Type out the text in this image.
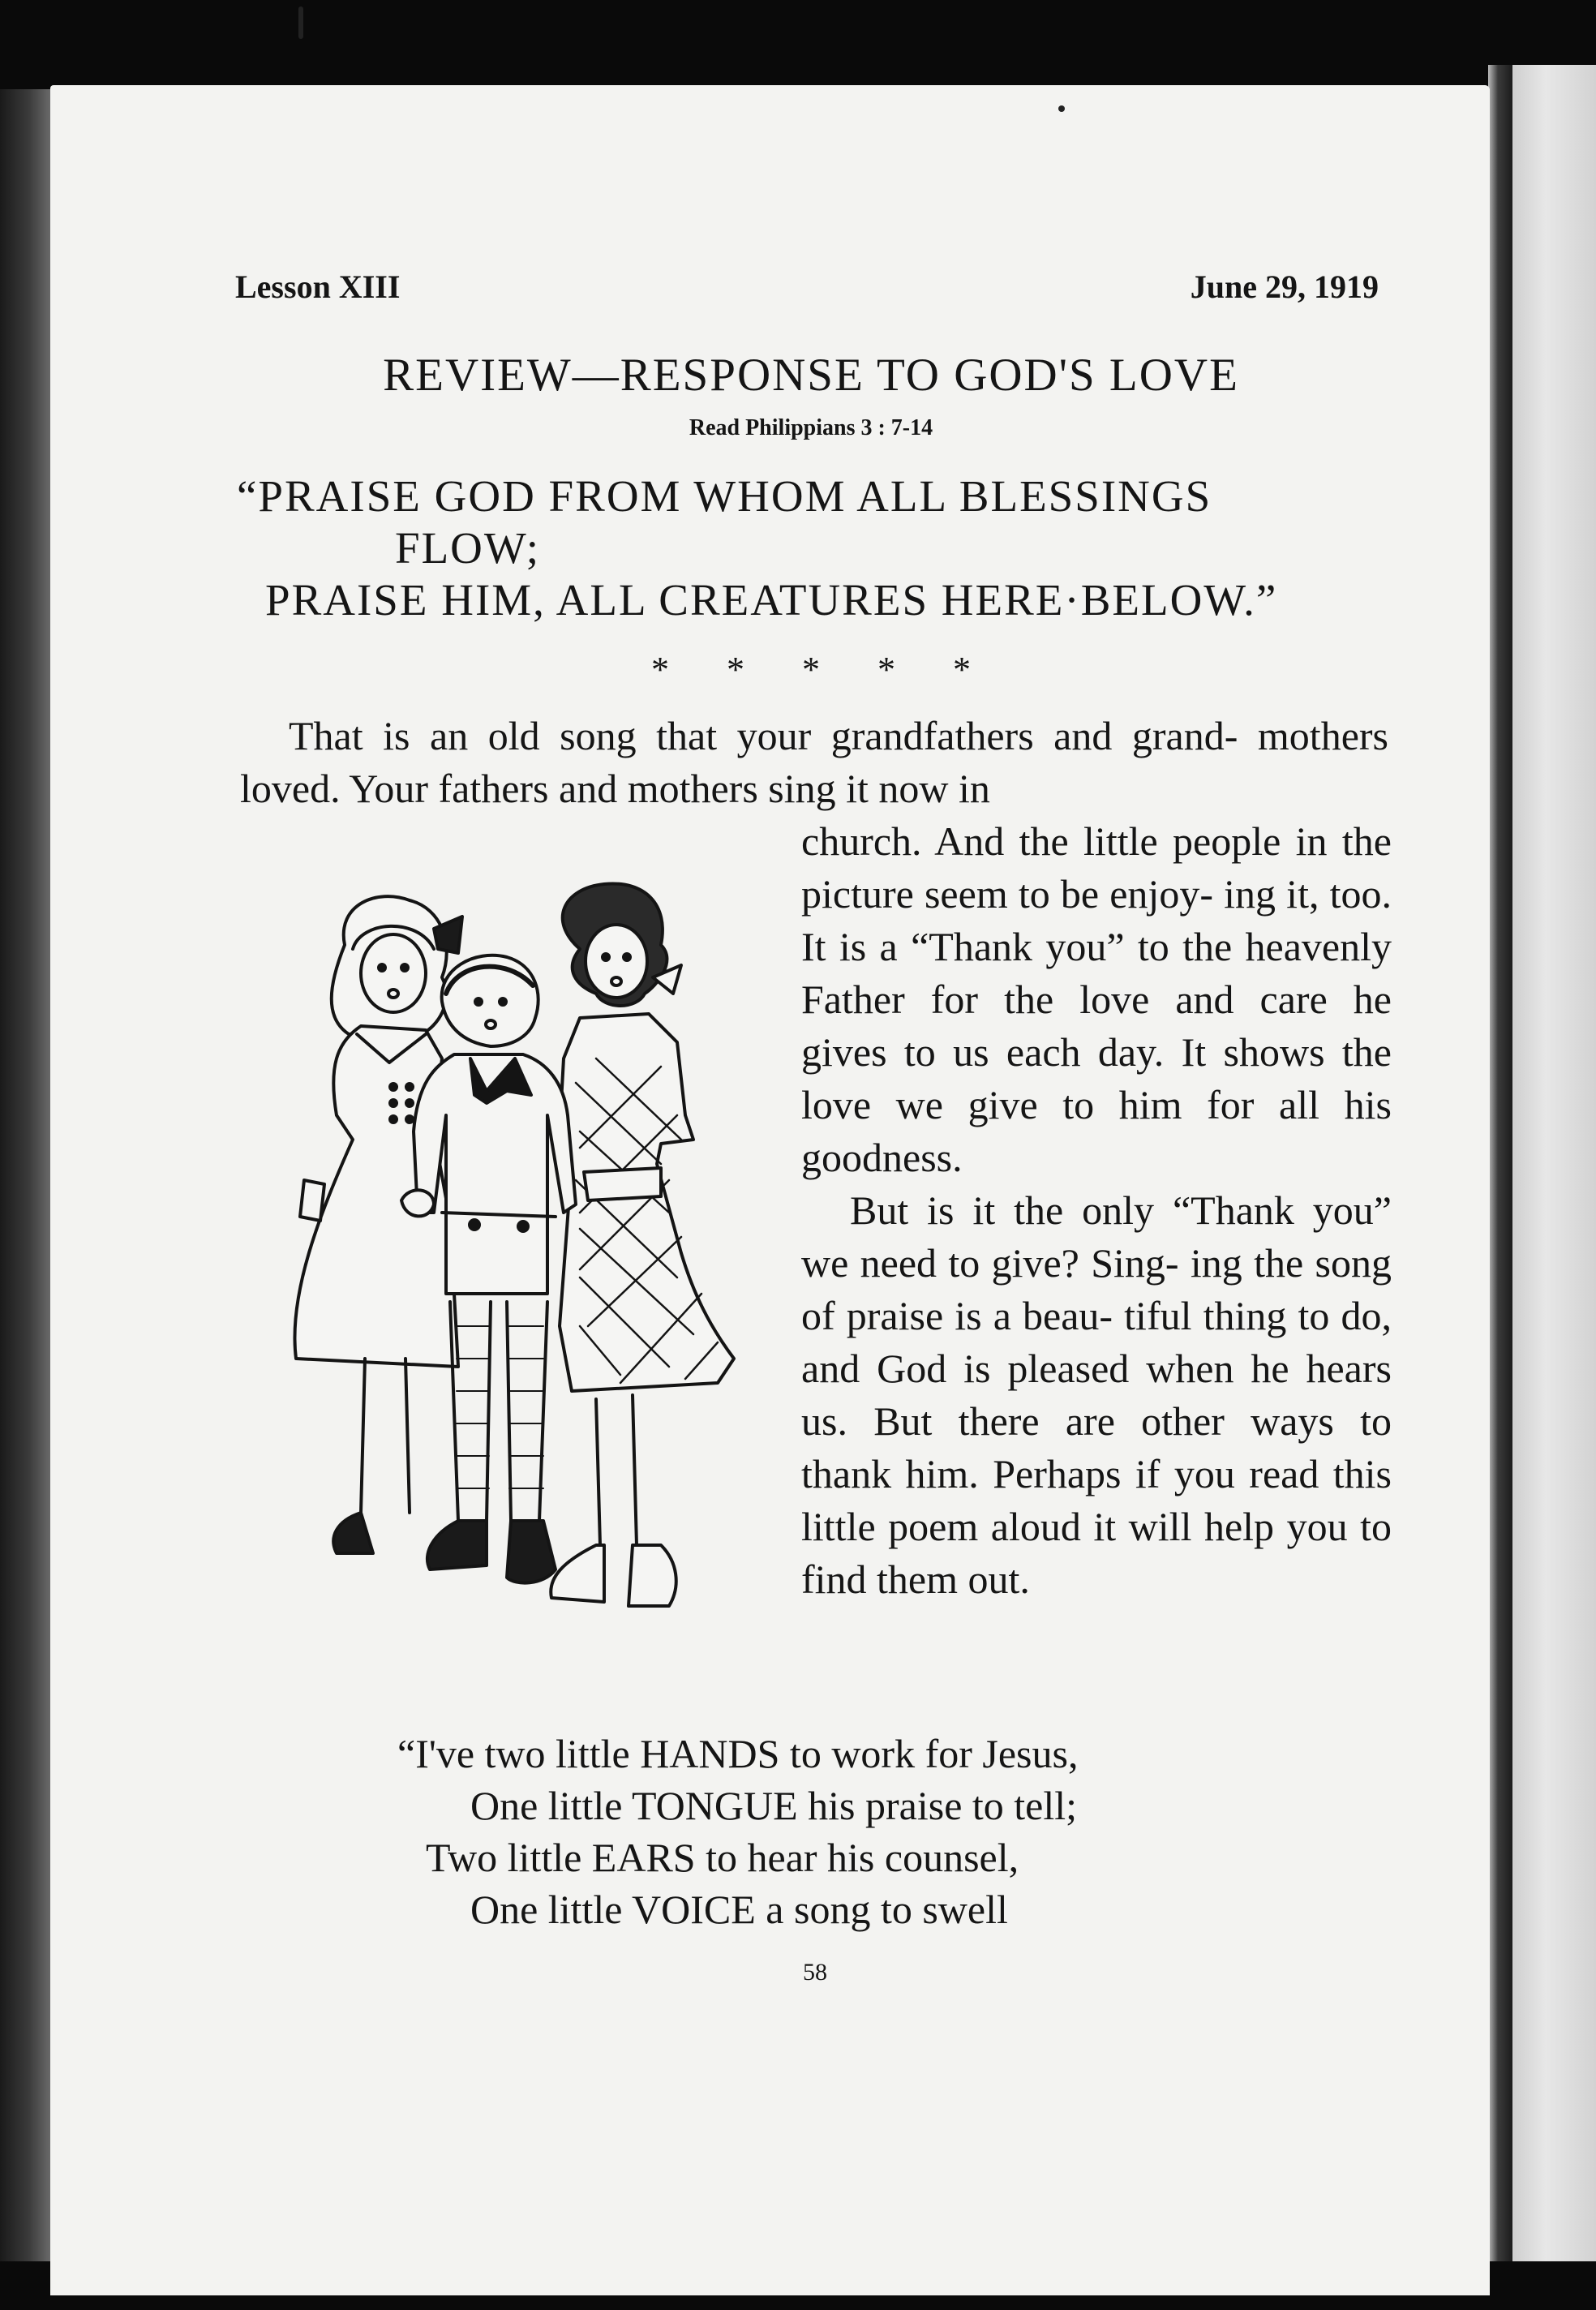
Lesson XIII	June 29, 1919
REVIEW—RESPONSE TO GOD'S LOVE
Read Philippians 3 : 7-14
“PRAISE GOD FROM WHOM ALL BLESSINGS
FLOW;
PRAISE HIM, ALL CREATURES HERE·BELOW.”
* * * * *
That is an old song that your grandfathers and grand- mothers loved. Your fathers and mothers sing it now in

church. And the little people in the picture seem to be enjoy- ing it, too. It is a “Thank you” to the heavenly Father for the love and care he gives to us each day. It shows the love we give to him for all his goodness.

But is it the only “Thank you” we need to give? Sing- ing the song of praise is a beau- tiful thing to do, and God is pleased when he hears us. But there are other ways to thank him. Perhaps if you read this little poem aloud it will help you to find them out.

“I've two little HANDS to work for Jesus,
One little TONGUE his praise to tell;
Two little EARS to hear his counsel,
One little VOICE a song to swell
58
